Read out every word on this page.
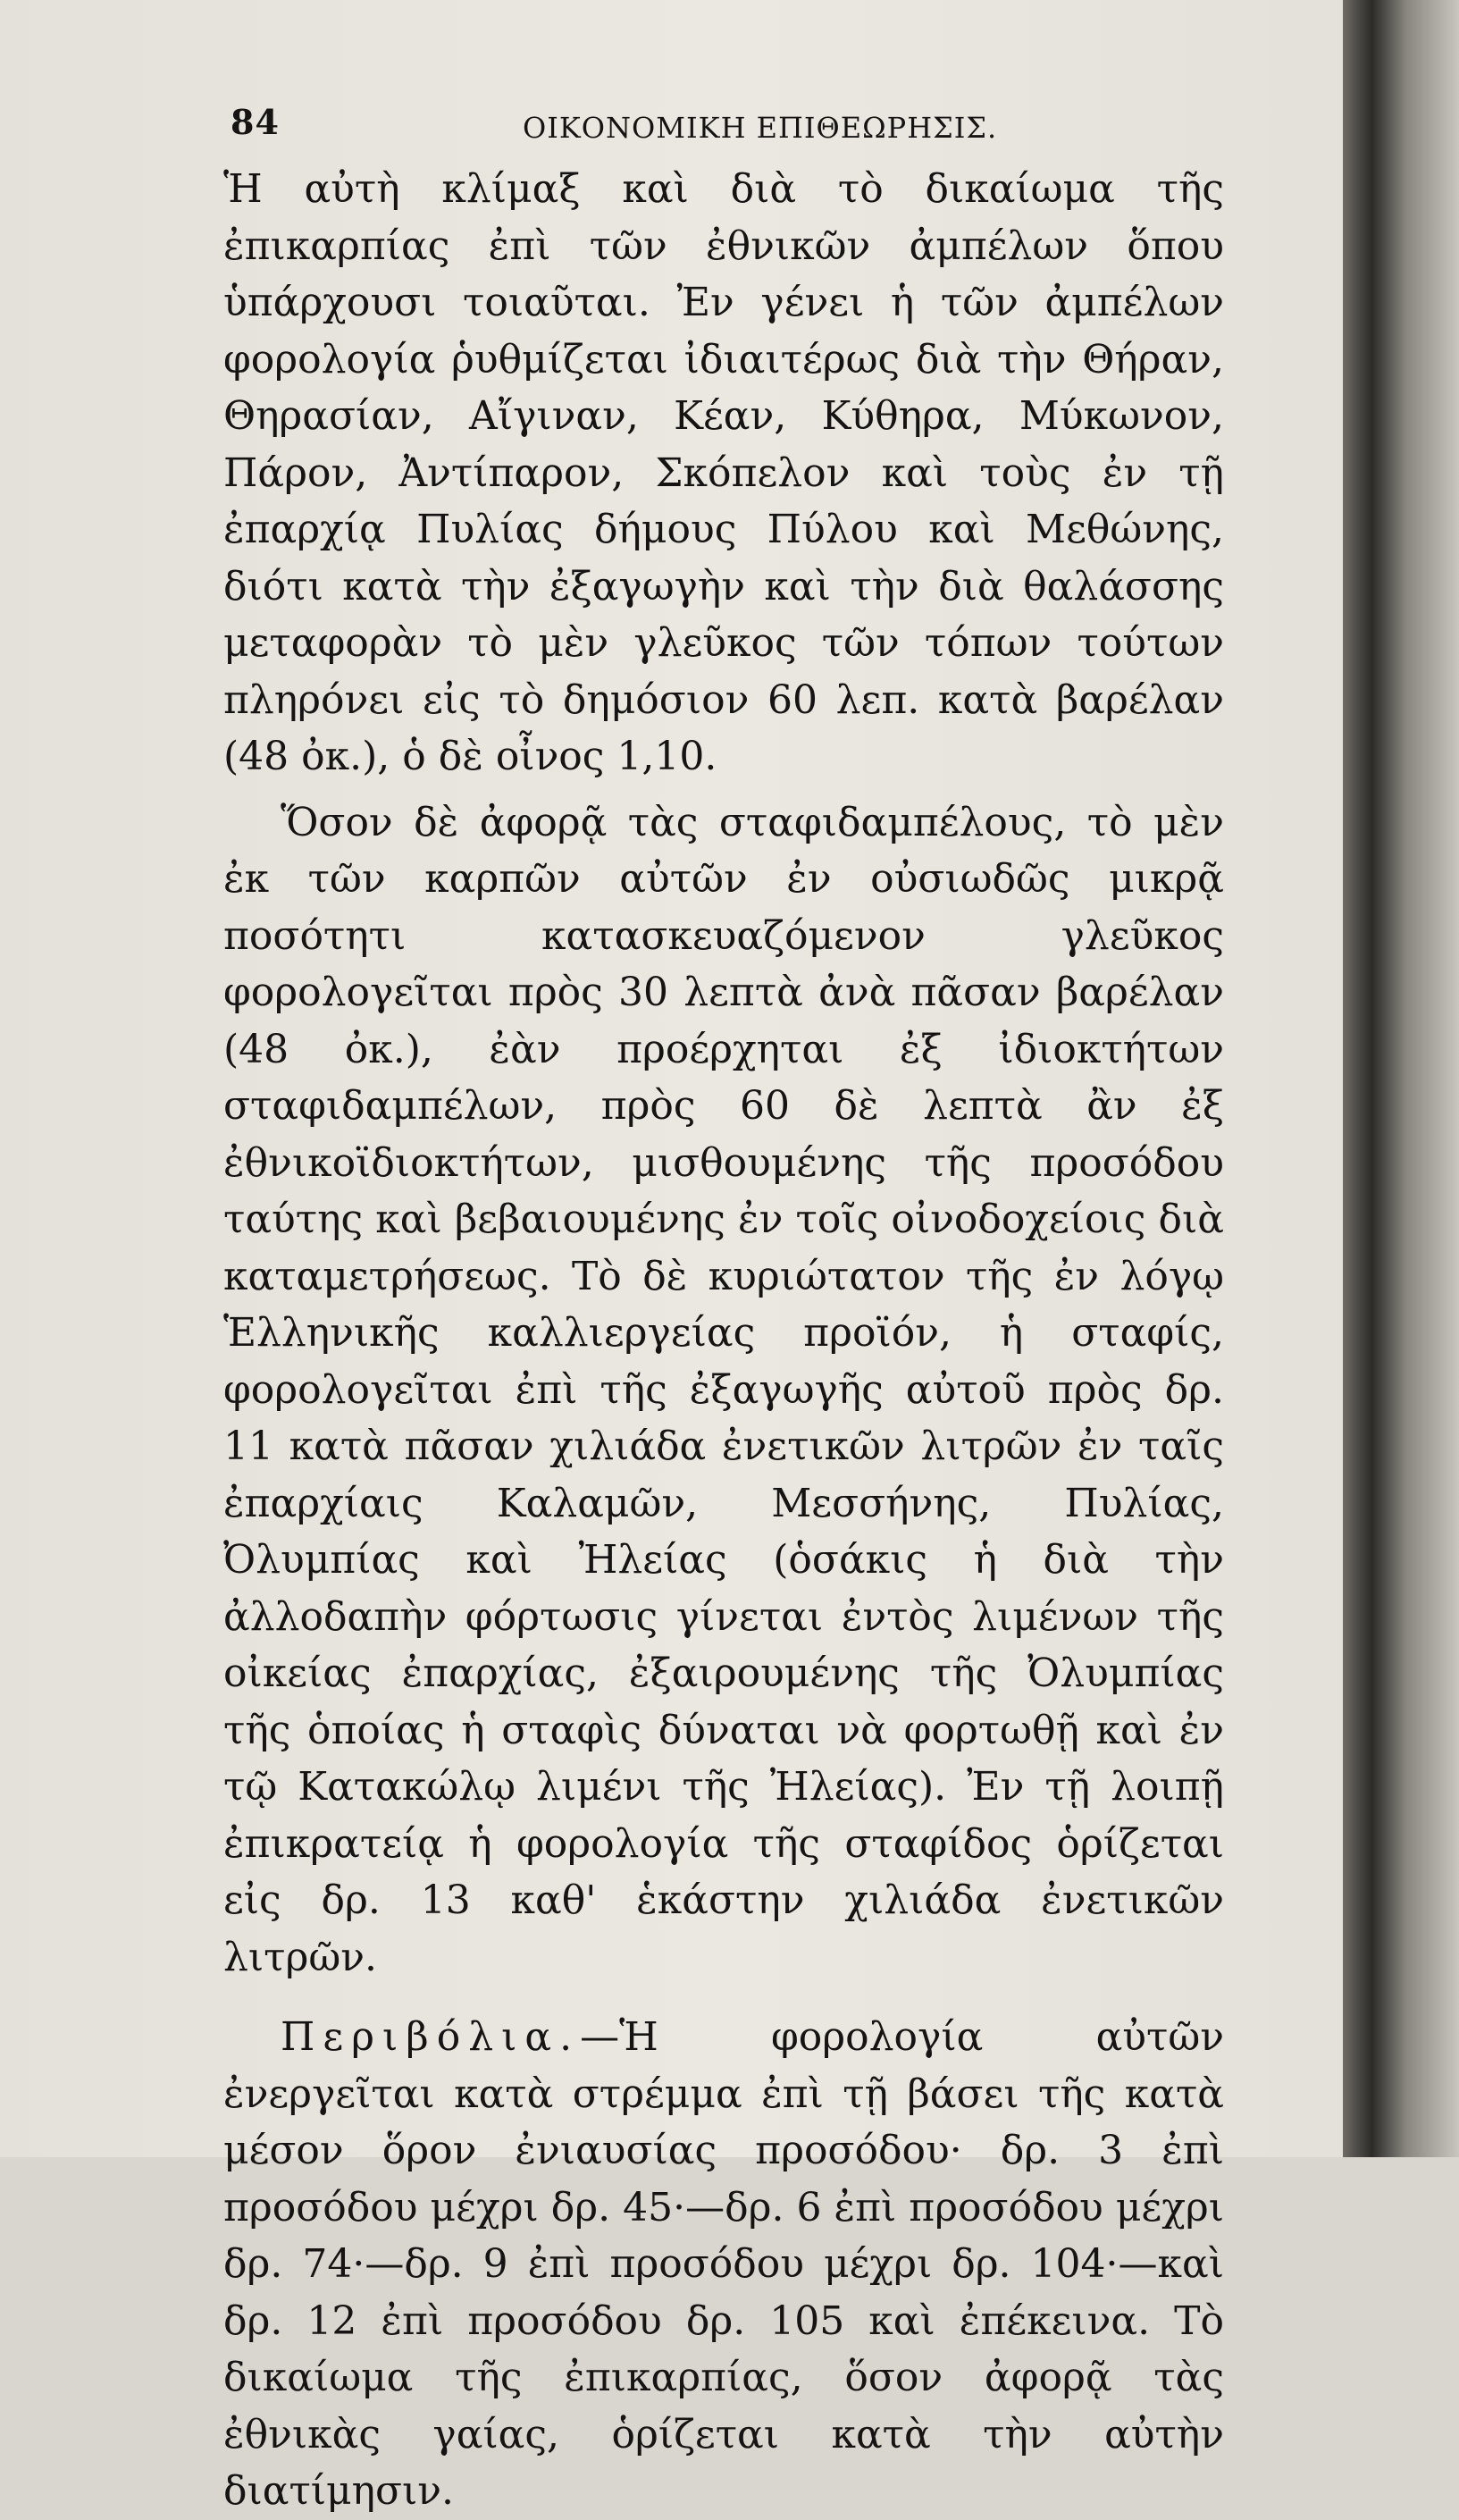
84	ΟΙΚΟΝΟΜΙΚΗ ΕΠΙΘΕΩΡΗΣΙΣ.

Ἡ αὐτὴ κλίμαξ καὶ διὰ τὸ δικαίωμα τῆς ἐπικαρπίας ἐπὶ τῶν ἐθνικῶν ἀμπέλων ὅπου ὑπάρχουσι τοιαῦται. Ἐν γένει ἡ τῶν ἀμπέλων φορολογία ῥυθμίζεται ἰδιαιτέρως διὰ τὴν Θήραν, Θηρασίαν, Αἴγιναν, Κέαν, Κύθηρα, Μύκωνον, Πάρον, Ἀντίπαρον, Σκόπελον καὶ τοὺς ἐν τῇ ἐπαρχίᾳ Πυλίας δήμους Πύλου καὶ Μεθώνης, διότι κατὰ τὴν ἐξαγωγὴν καὶ τὴν διὰ θαλάσσης μεταφορὰν τὸ μὲν γλεῦκος τῶν τόπων τούτων πληρόνει εἰς τὸ δημόσιον 60 λεπ. κατὰ βαρέλαν (48 ὀκ.), ὁ δὲ οἶνος 1,10.

Ὅσον δὲ ἀφορᾷ τὰς σταφιδαμπέλους, τὸ μὲν ἐκ τῶν καρπῶν αὐτῶν ἐν οὐσιωδῶς μικρᾷ ποσότητι κατασκευαζόμενον γλεῦκος φορολογεῖται πρὸς 30 λεπτὰ ἀνὰ πᾶσαν βαρέλαν (48 ὀκ.), ἐὰν προέρχηται ἐξ ἰδιοκτήτων σταφιδαμπέλων, πρὸς 60 δὲ λεπτὰ ἂν ἐξ ἐθνικοϊδιοκτήτων, μισθουμένης τῆς προσόδου ταύτης καὶ βεβαιουμένης ἐν τοῖς οἰνοδοχείοις διὰ καταμετρήσεως. Τὸ δὲ κυριώτατον τῆς ἐν λόγῳ Ἑλληνικῆς καλλιεργείας προϊόν, ἡ σταφίς, φορολογεῖται ἐπὶ τῆς ἐξαγωγῆς αὐτοῦ πρὸς δρ. 11 κατὰ πᾶσαν χιλιάδα ἐνετικῶν λιτρῶν ἐν ταῖς ἐπαρχίαις Καλαμῶν, Μεσσήνης, Πυλίας, Ὀλυμπίας καὶ Ἠλείας (ὁσάκις ἡ διὰ τὴν ἀλλοδαπὴν φόρτωσις γίνεται ἐντὸς λιμένων τῆς οἰκείας ἐπαρχίας, ἐξαιρουμένης τῆς Ὀλυμπίας τῆς ὁποίας ἡ σταφὶς δύναται νὰ φορτωθῇ καὶ ἐν τῷ Κατακώλῳ λιμένι τῆς Ἠλείας). Ἐν τῇ λοιπῇ ἐπικρατείᾳ ἡ φορολογία τῆς σταφίδος ὁρίζεται εἰς δρ. 13 καθ' ἑκάστην χιλιάδα ἐνετικῶν λιτρῶν.

Περιβόλια.—Ἡ φορολογία αὐτῶν ἐνεργεῖται κατὰ στρέμμα ἐπὶ τῇ βάσει τῆς κατὰ μέσον ὅρον ἐνιαυσίας προσόδου· δρ. 3 ἐπὶ προσόδου μέχρι δρ. 45·—δρ. 6 ἐπὶ προσόδου μέχρι δρ. 74·—δρ. 9 ἐπὶ προσόδου μέχρι δρ. 104·—καὶ δρ. 12 ἐπὶ προσόδου δρ. 105 καὶ ἐπέκεινα. Τὸ δικαίωμα τῆς ἐπικαρπίας, ὅσον ἀφορᾷ τὰς ἐθνικὰς γαίας, ὁρίζεται κατὰ τὴν αὐτὴν διατίμησιν.
